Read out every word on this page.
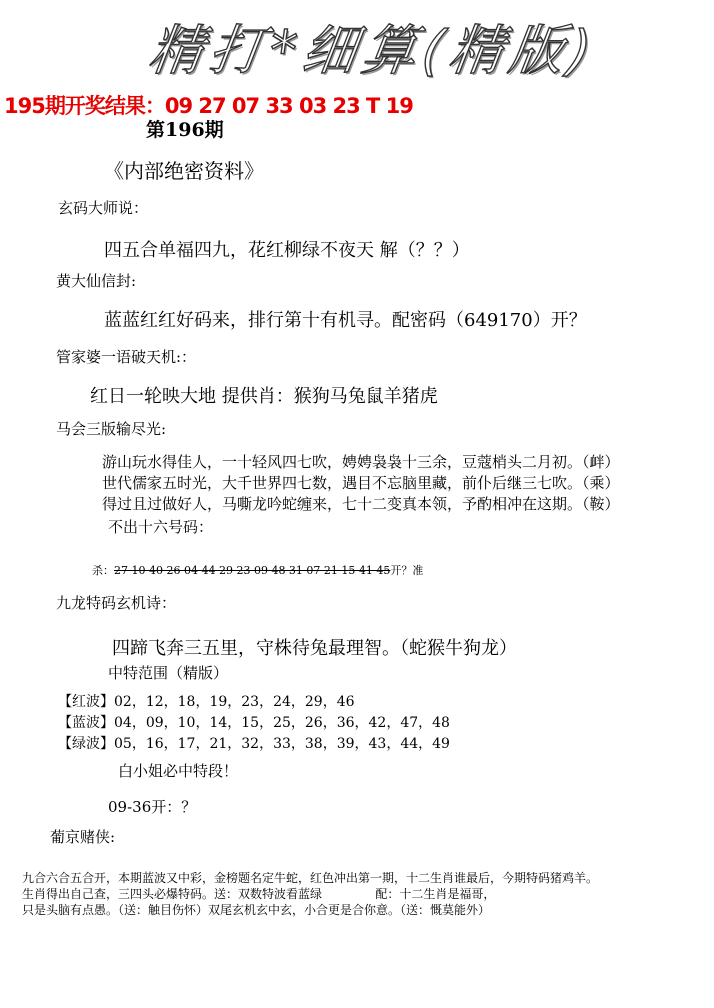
精打*细算(精版)
195期开奖结果：09 27 07 33 03 23 T 19
第196期
《内部绝密资料》
玄码大师说：
四五合单福四九，花红柳绿不夜天 解（？？）
黄大仙信封:
蓝蓝红红好码来，排行第十有机寻。配密码（649170）开？
管家婆一语破天机:：
红日一轮映大地 提供肖：猴狗马兔鼠羊猪虎
马会三版输尽光:
游山玩水得佳人，一十轻风四七吹，娉娉袅袅十三余，豆蔻梢头二月初。（衅）
世代儒家五时光，大千世界四七数，遇目不忘脑里藏，前仆后继三七吹。（乘）
得过且过做好人，马嘶龙吟蛇缠来，七十二变真本领，予酌相冲在这期。（鞍）
不出十六号码：
杀：27 10 40 26 04 44 29 23 09 48 31 07 21 15 41 45开？准
九龙特码玄机诗：
四蹄飞奔三五里，守株待兔最理智。（蛇猴牛狗龙）
中特范围（精版）
【红波】02，12，18，19，23，24，29，46
【蓝波】04，09，10，14，15，25，26，36，42，47，48
【绿波】05，16，17，21，32，33，38，39，43，44，49
白小姐必中特段！
09-36开：？
葡京赌侠:
九合六合五合开，本期蓝波又中彩，金榜题名定牛蛇，红色冲出第一期，十二生肖谁最后，今期特码猪鸡羊。
生肖得出自己查，三四头必爆特码。送：双数特波看蓝绿              配：十二生肖是福哥，
只是头脑有点愚。（送：触目伤怀）双尾玄机玄中玄，小合更是合你意。（送：慨莫能外）
